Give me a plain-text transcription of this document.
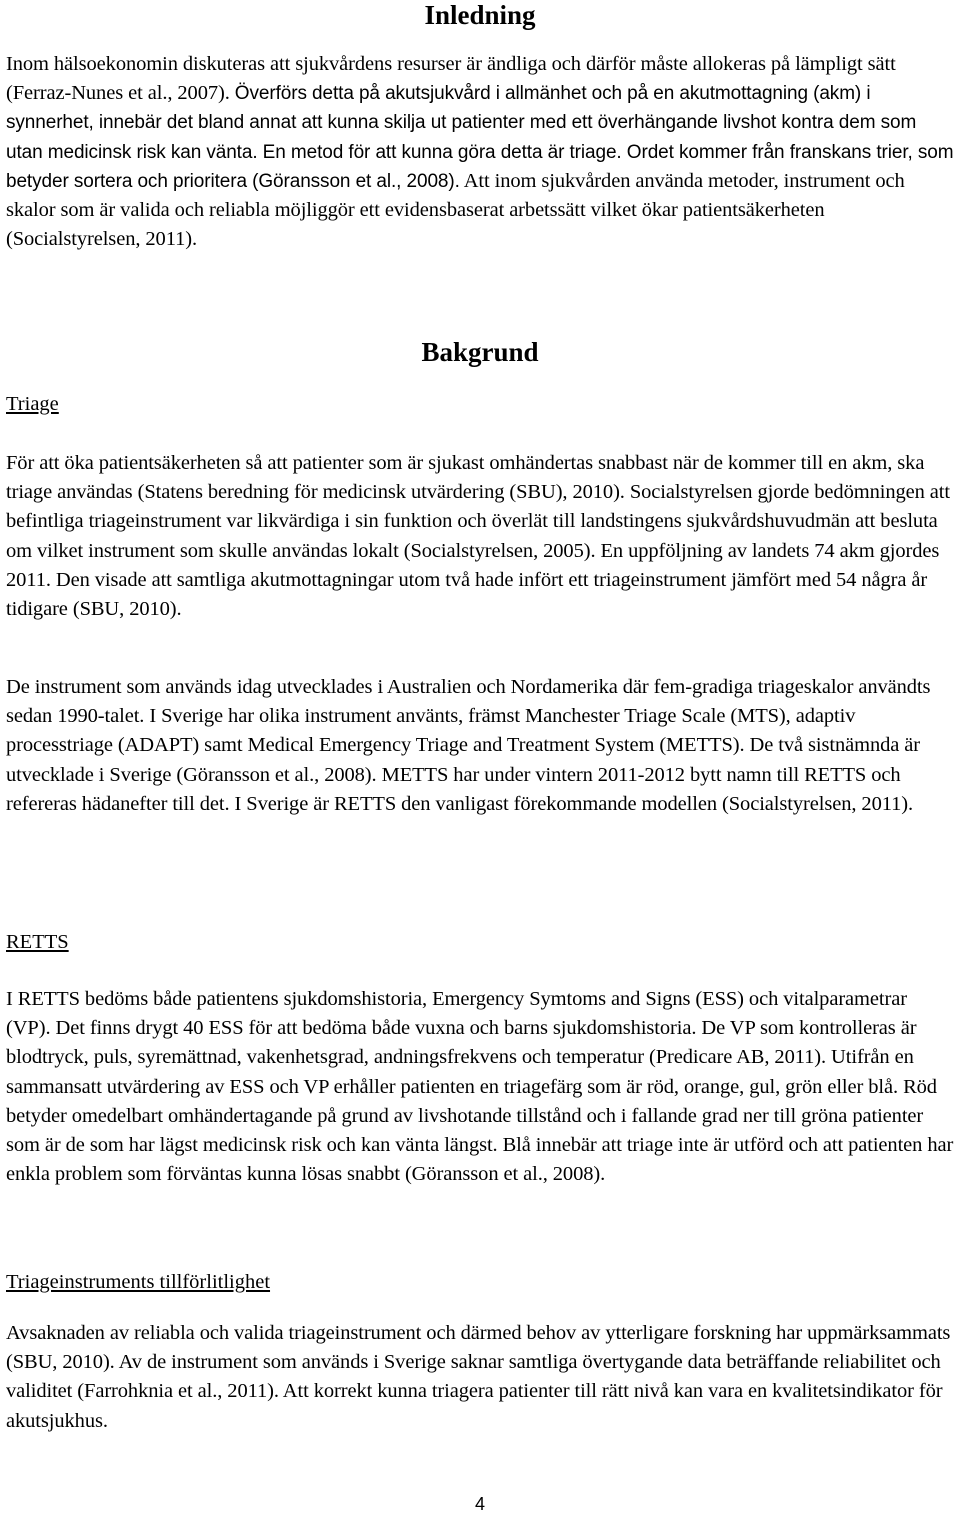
Inledning

Inom hälsoekonomin diskuteras att sjukvårdens resurser är ändliga och därför måste allokeras på lämpligt sätt (Ferraz-Nunes et al., 2007). Överförs detta på akutsjukvård i allmänhet och på en akutmottagning (akm) i synnerhet, innebär det bland annat att kunna skilja ut patienter med ett överhängande livshot kontra dem som utan medicinsk risk kan vänta. En metod för att kunna göra detta är triage. Ordet kommer från franskans trier, som betyder sortera och prioritera (Göransson et al., 2008). Att inom sjukvården använda metoder, instrument och skalor som är valida och reliabla möjliggör ett evidensbaserat arbetssätt vilket ökar patientsäkerheten (Socialstyrelsen, 2011).

Bakgrund
Triage

För att öka patientsäkerheten så att patienter som är sjukast omhändertas snabbast när de kommer till en akm, ska triage användas (Statens beredning för medicinsk utvärdering (SBU), 2010). Socialstyrelsen gjorde bedömningen att befintliga triageinstrument var likvärdiga i sin funktion och överlät till landstingens sjukvårdshuvudmän att besluta om vilket instrument som skulle användas lokalt (Socialstyrelsen, 2005). En uppföljning av landets 74 akm gjordes 2011. Den visade att samtliga akutmottagningar utom två hade infört ett triageinstrument jämfört med 54 några år tidigare (SBU, 2010).

De instrument som används idag utvecklades i Australien och Nordamerika där fem-gradiga triageskalor användts sedan 1990-talet. I Sverige har olika instrument använts, främst Manchester Triage Scale (MTS), adaptiv processtriage (ADAPT) samt Medical Emergency Triage and Treatment System (METTS). De två sistnämnda är utvecklade i Sverige (Göransson et al., 2008). METTS har under vintern 2011-2012 bytt namn till RETTS och refereras hädanefter till det. I Sverige är RETTS den vanligast förekommande modellen (Socialstyrelsen, 2011).

RETTS

I RETTS bedöms både patientens sjukdomshistoria, Emergency Symtoms and Signs (ESS) och vitalparametrar (VP). Det finns drygt 40 ESS för att bedöma både vuxna och barns sjukdomshistoria. De VP som kontrolleras är blodtryck, puls, syremättnad, vakenhetsgrad, andningsfrekvens och temperatur (Predicare AB, 2011). Utifrån en sammansatt utvärdering av ESS och VP erhåller patienten en triagefärg som är röd, orange, gul, grön eller blå. Röd betyder omedelbart omhändertagande på grund av livshotande tillstånd och i fallande grad ner till gröna patienter som är de som har lägst medicinsk risk och kan vänta längst. Blå innebär att triage inte är utförd och att patienten har enkla problem som förväntas kunna lösas snabbt (Göransson et al., 2008).

Triageinstruments tillförlitlighet

Avsaknaden av reliabla och valida triageinstrument och därmed behov av ytterligare forskning har uppmärksammats (SBU, 2010). Av de instrument som används i Sverige saknar samtliga övertygande data beträffande reliabilitet och validitet (Farrohknia et al., 2011). Att korrekt kunna triagera patienter till rätt nivå kan vara en kvalitetsindikator för akutsjukhus.

4
